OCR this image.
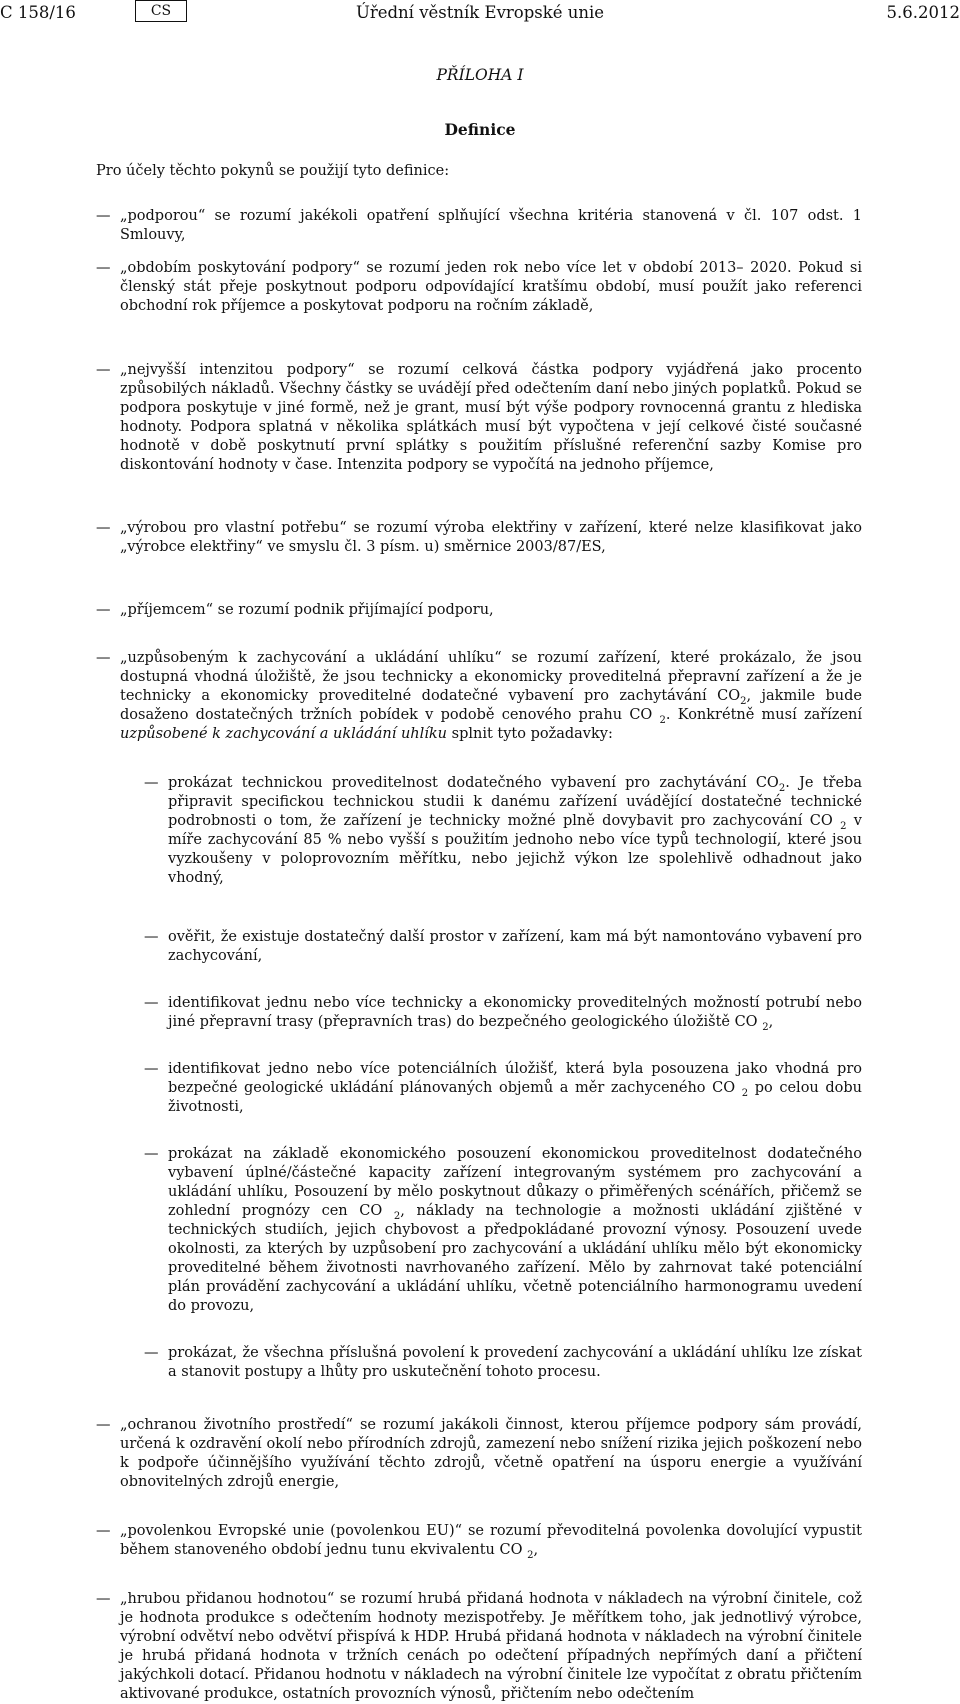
C 158/16	CS	Úřední věstník Evropské unie	5.6.2012
PŘÍLOHA I
Definice
Pro účely těchto pokynů se použijí tyto definice:
— „podporou“ se rozumí jakékoli opatření splňující všechna kritéria stanovená v čl. 107 odst. 1 Smlouvy,
— „obdobím poskytování podpory“ se rozumí jeden rok nebo více let v období 2013– 2020. Pokud si členský stát přeje poskytnout podporu odpovídající kratšímu období, musí použít jako referenci obchodní rok příjemce a poskytovat podporu na ročním základě,
— „nejvyšší intenzitou podpory“ se rozumí celková částka podpory vyjádřená jako procento způsobilých nákladů. Všechny částky se uvádějí před odečtením daní nebo jiných poplatků. Pokud se podpora poskytuje v jiné formě, než je grant, musí být výše podpory rovnocenná grantu z hlediska hodnoty. Podpora splatná v několika splátkách musí být vypočtena v její celkové čisté současné hodnotě v době poskytnutí první splátky s použitím příslušné referenční sazby Komise pro diskontování hodnoty v čase. Intenzita podpory se vypočítá na jednoho příjemce,
— „výrobou pro vlastní potřebu“ se rozumí výroba elektřiny v zařízení, které nelze klasifikovat jako „výrobce elektřiny“ ve smyslu čl. 3 písm. u) směrnice 2003/87/ES,
— „příjemcem“ se rozumí podnik přijímající podporu,
— „uzpůsobeným k zachycování a ukládání uhlíku“ se rozumí zařízení, které prokázalo, že jsou dostupná vhodná úložiště, že jsou technicky a ekonomicky proveditelná přepravní zařízení a že je technicky a ekonomicky proveditelné dodatečné vybavení pro zachytávání $CO_2$, jakmile bude dosaženo dostatečných tržních pobídek v podobě cenového prahu CO $_2$. Konkrétně musí zařízení uzpůsobené k zachycování a ukládání uhlíku splnit tyto požadavky:
— prokázat technickou proveditelnost dodatečného vybavení pro zachytávání $CO_2$. Je třeba připravit specifickou technickou studii k danému zařízení uvádějící dostatečné technické podrobnosti o tom, že zařízení je technicky možné plně dovybavit pro zachycování CO $_2$ v míře zachycování 85 % nebo vyšší s použitím jednoho nebo více typů technologií, které jsou vyzkoušeny v poloprovozním měřítku, nebo jejichž výkon lze spolehlivě odhadnout jako vhodný,
— ověřit, že existuje dostatečný další prostor v zařízení, kam má být namontováno vybavení pro zachycování,
— identifikovat jednu nebo více technicky a ekonomicky proveditelných možností potrubí nebo jiné přepravní trasy (přepravních tras) do bezpečného geologického úložiště CO $_2$,
— identifikovat jedno nebo více potenciálních úložišť, která byla posouzena jako vhodná pro bezpečné geologické ukládání plánovaných objemů a měr zachyceného CO $_2$ po celou dobu životnosti,
— prokázat na základě ekonomického posouzení ekonomickou proveditelnost dodatečného vybavení úplné/částečné kapacity zařízení integrovaným systémem pro zachycování a ukládání uhlíku, Posouzení by mělo poskytnout důkazy o přiměřených scénářích, přičemž se zohlední prognózy cen CO $_2$, náklady na technologie a možnosti ukládání zjištěné v technických studiích, jejich chybovost a předpokládané provozní výnosy. Posouzení uvede okolnosti, za kterých by uzpůsobení pro zachycování a ukládání uhlíku mělo být ekonomicky proveditelné během životnosti navrhovaného zařízení. Mělo by zahrnovat také potenciální plán provádění zachycování a ukládání uhlíku, včetně potenciálního harmonogramu uvedení do provozu,
— prokázat, že všechna příslušná povolení k provedení zachycování a ukládání uhlíku lze získat a stanovit postupy a lhůty pro uskutečnění tohoto procesu.
— „ochranou životního prostředí“ se rozumí jakákoli činnost, kterou příjemce podpory sám provádí, určená k ozdravění okolí nebo přírodních zdrojů, zamezení nebo snížení rizika jejich poškození nebo k podpoře účinnějšího využívání těchto zdrojů, včetně opatření na úsporu energie a využívání obnovitelných zdrojů energie,
— „povolenkou Evropské unie (povolenkou EU)“ se rozumí převoditelná povolenka dovolující vypustit během stanoveného období jednu tunu ekvivalentu CO $_2$,
— „hrubou přidanou hodnotou“ se rozumí hrubá přidaná hodnota v nákladech na výrobní činitele, což je hodnota produkce s odečtením hodnoty mezispotřeby. Je měřítkem toho, jak jednotlivý výrobce, výrobní odvětví nebo odvětví přispívá k HDP. Hrubá přidaná hodnota v nákladech na výrobní činitele je hrubá přidaná hodnota v tržních cenách po odečtení případných nepřímých daní a přičtení jakýchkoli dotací. Přidanou hodnotu v nákladech na výrobní činitele lze vypočítat z obratu přičtením aktivované produkce, ostatních provozních výnosů, přičtením nebo odečtením
